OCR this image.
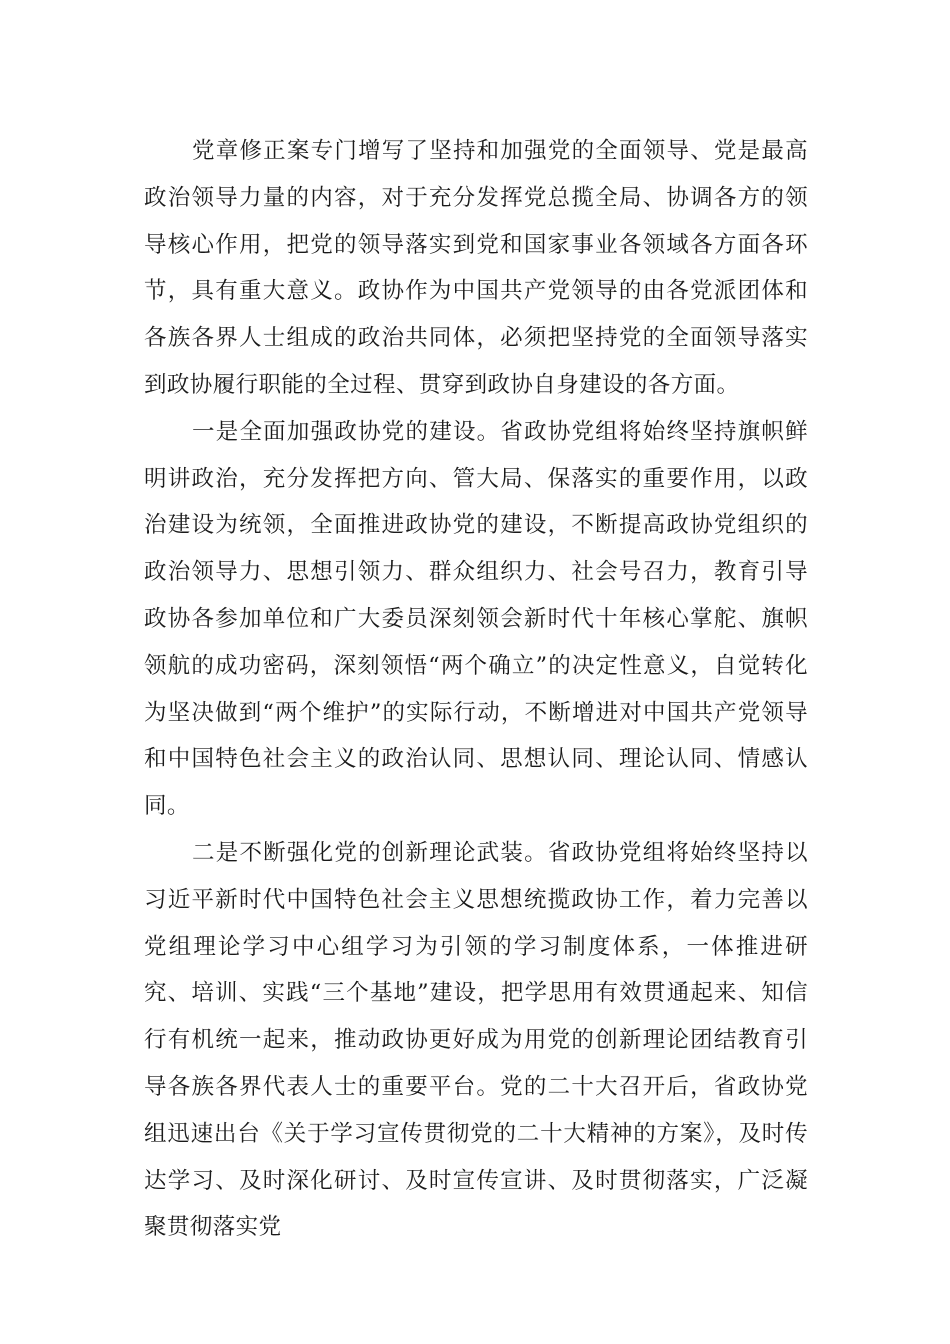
党章修正案专门增写了坚持和加强党的全面领导、党是最高政治领导力量的内容，对于充分发挥党总揽全局、协调各方的领导核心作用，把党的领导落实到党和国家事业各领域各方面各环节，具有重大意义。政协作为中国共产党领导的由各党派团体和各族各界人士组成的政治共同体，必须把坚持党的全面领导落实到政协履行职能的全过程、贯穿到政协自身建设的各方面。

一是全面加强政协党的建设。省政协党组将始终坚持旗帜鲜明讲政治，充分发挥把方向、管大局、保落实的重要作用，以政治建设为统领，全面推进政协党的建设，不断提高政协党组织的政治领导力、思想引领力、群众组织力、社会号召力，教育引导政协各参加单位和广大委员深刻领会新时代十年核心掌舵、旗帜领航的成功密码，深刻领悟“两个确立”的决定性意义，自觉转化为坚决做到“两个维护”的实际行动，不断增进对中国共产党领导和中国特色社会主义的政治认同、思想认同、理论认同、情感认同。

二是不断强化党的创新理论武装。省政协党组将始终坚持以习近平新时代中国特色社会主义思想统揽政协工作，着力完善以党组理论学习中心组学习为引领的学习制度体系，一体推进研究、培训、实践“三个基地”建设，把学思用有效贯通起来、知信行有机统一起来，推动政协更好成为用党的创新理论团结教育引导各族各界代表人士的重要平台。党的二十大召开后，省政协党组迅速出台《关于学习宣传贯彻党的二十大精神的方案》，及时传达学习、及时深化研讨、及时宣传宣讲、及时贯彻落实，广泛凝聚贯彻落实党
